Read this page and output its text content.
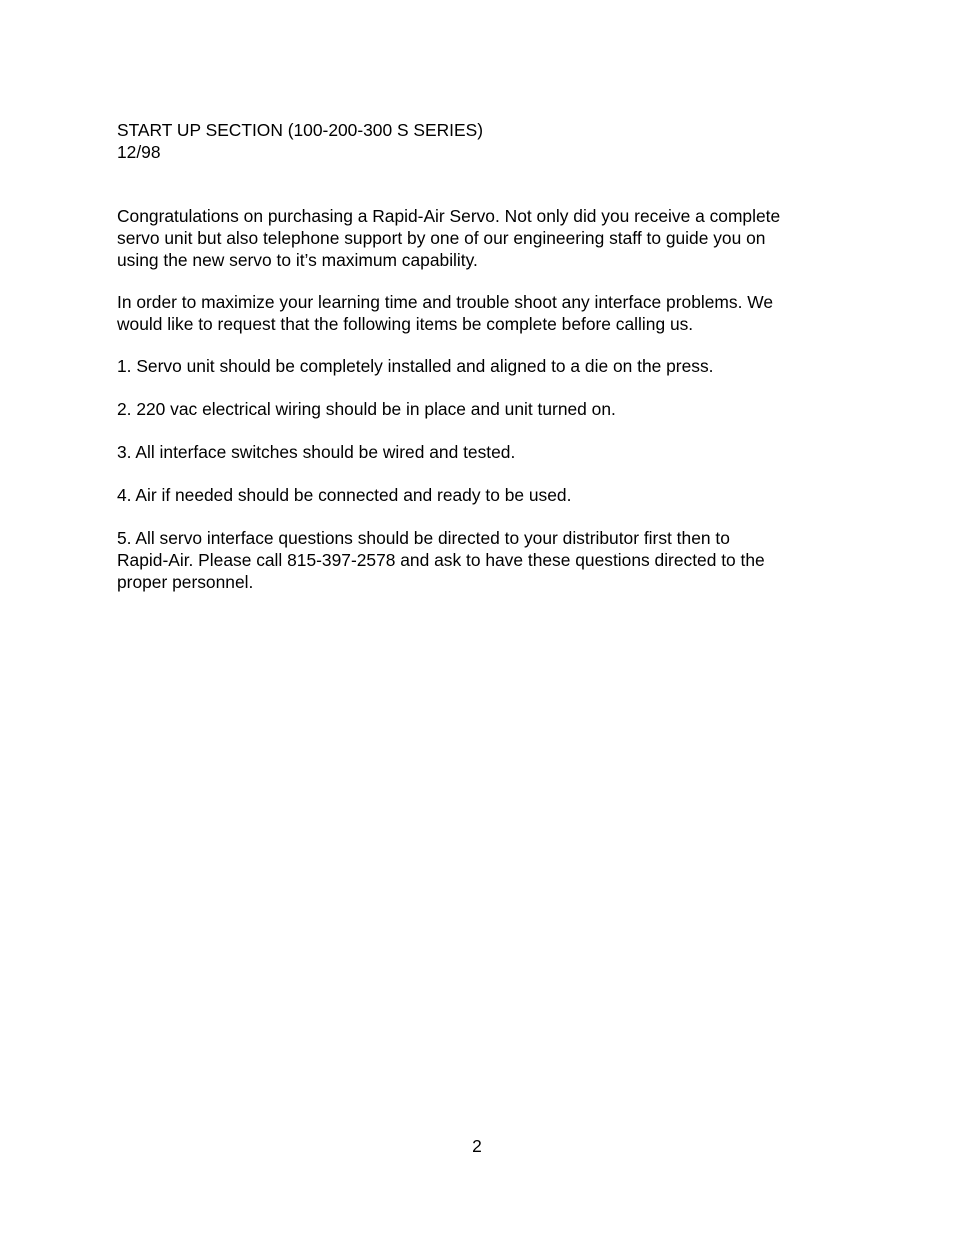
START UP SECTION (100-200-300 S SERIES)
12/98
Congratulations on purchasing a Rapid-Air Servo. Not only did you receive a complete
servo unit but also telephone support by one of our engineering staff to guide you on
using the new servo to it’s maximum capability.
In order to maximize your learning time and trouble shoot any interface problems. We
would like to request that the following items be complete before calling us.
1. Servo unit should be completely installed and aligned to a die on the press.
2. 220 vac electrical wiring should be in place and unit turned on.
3. All interface switches should be wired and tested.
4. Air if needed should be connected and ready to be used.
5. All servo interface questions should be directed to your distributor first then to
Rapid-Air. Please call 815-397-2578 and ask to have these questions directed to the
proper personnel.
2
